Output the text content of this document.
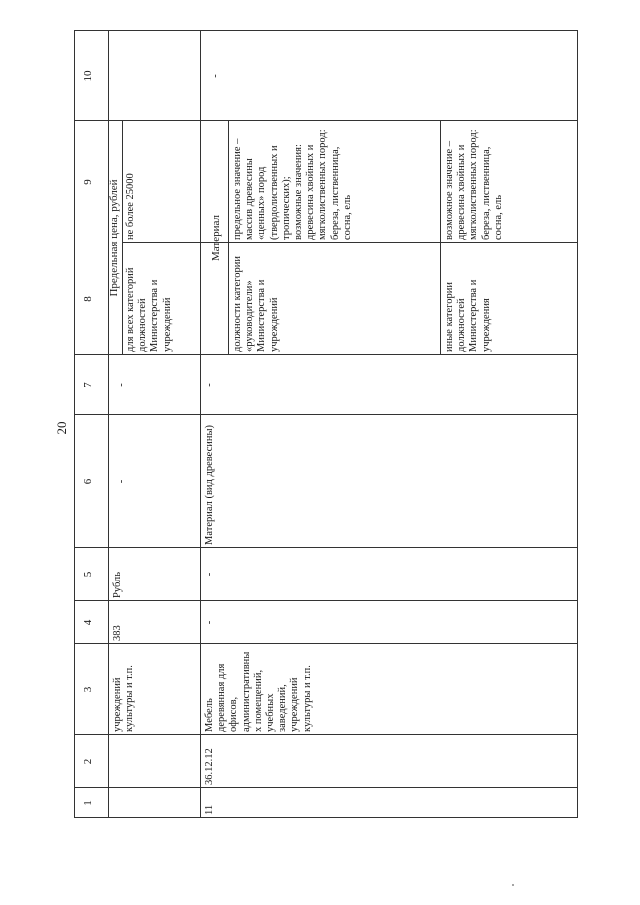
20
1
2
3
4
5
6
7
8
9
10
учреждений культуры и т.п.
383
Рубль
-
-
Предельная цена, рублей
для всех категорий должностей Министерства и учреждений
не более 25000
11
36.12.12
Мебель деревянная для офисов, административных помещений, учебных заведений, учреждений культуры и т.п.
-
-
Материал (вид древесины)
-
Материал
должности категории «руководители» Министерства и учреждений
предельное значение – массив древесины «ценных» пород (твердолиственных и тропических); возможные значения: древесина хвойных и мягколиственных пород: береза, лиственница, сосна, ель
иные категории должностей Министерства и учреждения
возможное значение – древесина хвойных и мягколиственных пород: береза, лиственница, сосна, ель
-
